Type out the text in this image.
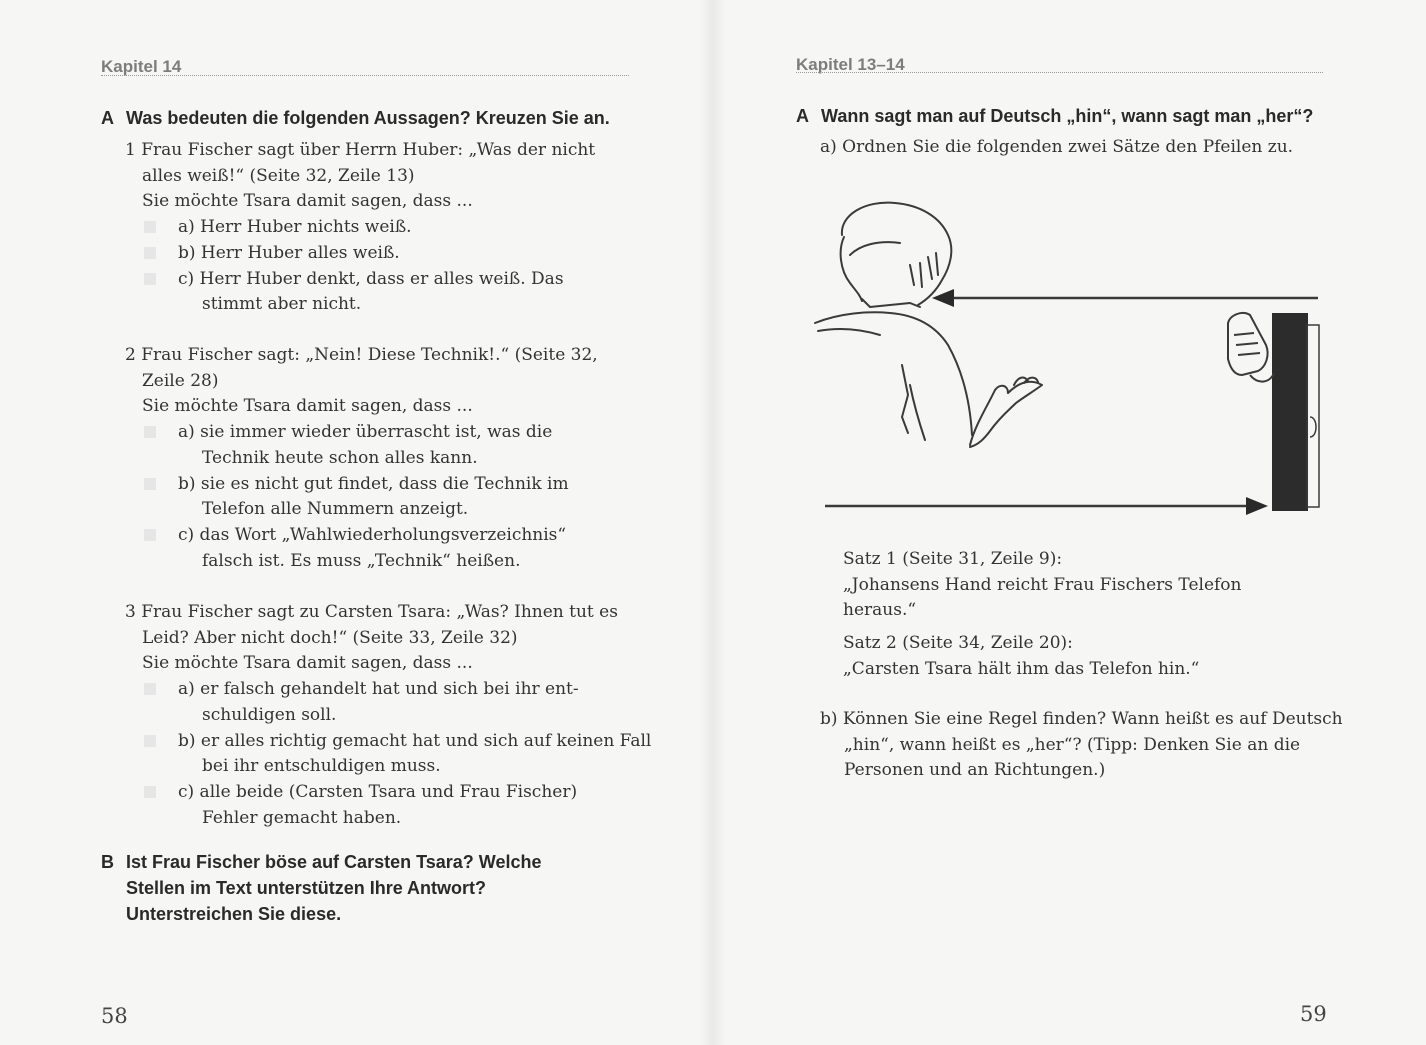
Kapitel 14
A Was bedeuten die folgenden Aussagen? Kreuzen Sie an.
1 Frau Fischer sagt über Herrn Huber: „Was der nicht alles weiß!“ (Seite 32, Zeile 13)
Sie möchte Tsara damit sagen, dass ...
a) Herr Huber nichts weiß.
b) Herr Huber alles weiß.
c) Herr Huber denkt, dass er alles weiß. Das stimmt aber nicht.
2 Frau Fischer sagt: „Nein! Diese Technik!.“ (Seite 32, Zeile 28)
Sie möchte Tsara damit sagen, dass ...
a) sie immer wieder überrascht ist, was die Technik heute schon alles kann.
b) sie es nicht gut findet, dass die Technik im Telefon alle Nummern anzeigt.
c) das Wort „Wahlwiederholungsverzeichnis“ falsch ist. Es muss „Technik“ heißen.
3 Frau Fischer sagt zu Carsten Tsara: „Was? Ihnen tut es Leid? Aber nicht doch!“ (Seite 33, Zeile 32)
Sie möchte Tsara damit sagen, dass ...
a) er falsch gehandelt hat und sich bei ihr ent-schuldigen soll.
b) er alles richtig gemacht hat und sich auf keinen Fall bei ihr entschuldigen muss.
c) alle beide (Carsten Tsara und Frau Fischer) Fehler gemacht haben.
B Ist Frau Fischer böse auf Carsten Tsara? Welche Stellen im Text unterstützen Ihre Antwort? Unterstreichen Sie diese.
58
Kapitel 13–14
A Wann sagt man auf Deutsch „hin“, wann sagt man „her“?
a) Ordnen Sie die folgenden zwei Sätze den Pfeilen zu.
Satz 1 (Seite 31, Zeile 9):
„Johansens Hand reicht Frau Fischers Telefon heraus.“
Satz 2 (Seite 34, Zeile 20):
„Carsten Tsara hält ihm das Telefon hin.“
b) Können Sie eine Regel finden? Wann heißt es auf Deutsch „hin“, wann heißt es „her“? (Tipp: Denken Sie an die Personen und an Richtungen.)
59
